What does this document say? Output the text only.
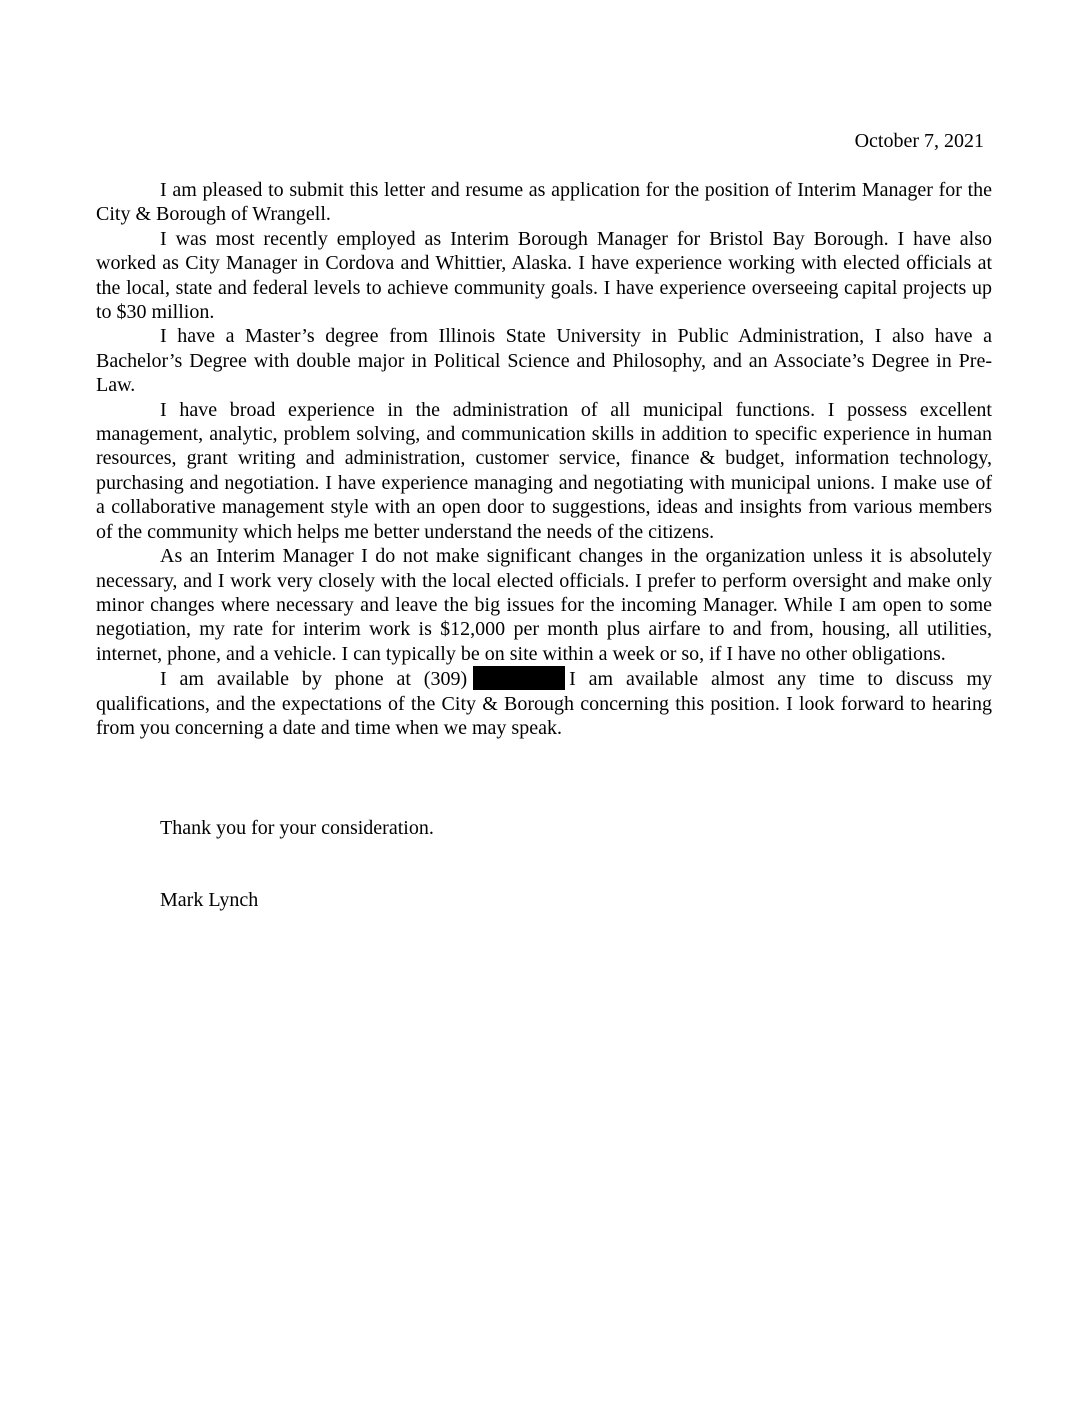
October 7, 2021

I am pleased to submit this letter and resume as application for the position of Interim Manager for the City & Borough of Wrangell.

I was most recently employed as Interim Borough Manager for Bristol Bay Borough. I have also worked as City Manager in Cordova and Whittier, Alaska. I have experience working with elected officials at the local, state and federal levels to achieve community goals. I have experience overseeing capital projects up to $30 million.

I have a Master’s degree from Illinois State University in Public Administration, I also have a Bachelor’s Degree with double major in Political Science and Philosophy, and an Associate’s Degree in Pre-Law.

I have broad experience in the administration of all municipal functions. I possess excellent management, analytic, problem solving, and communication skills in addition to specific experience in human resources, grant writing and administration, customer service, finance & budget, information technology, purchasing and negotiation. I have experience managing and negotiating with municipal unions. I make use of a collaborative management style with an open door to suggestions, ideas and insights from various members of the community which helps me better understand the needs of the citizens.

As an Interim Manager I do not make significant changes in the organization unless it is absolutely necessary, and I work very closely with the local elected officials. I prefer to perform oversight and make only minor changes where necessary and leave the big issues for the incoming Manager. While I am open to some negotiation, my rate for interim work is $12,000 per month plus airfare to and from, housing, all utilities, internet, phone, and a vehicle. I can typically be on site within a week or so, if I have no other obligations.

I am available by phone at (309)	I am available almost any time to discuss my qualifications, and the expectations of the City & Borough concerning this position. I look forward to hearing from you concerning a date and time when we may speak.

Thank you for your consideration.
Mark Lynch
